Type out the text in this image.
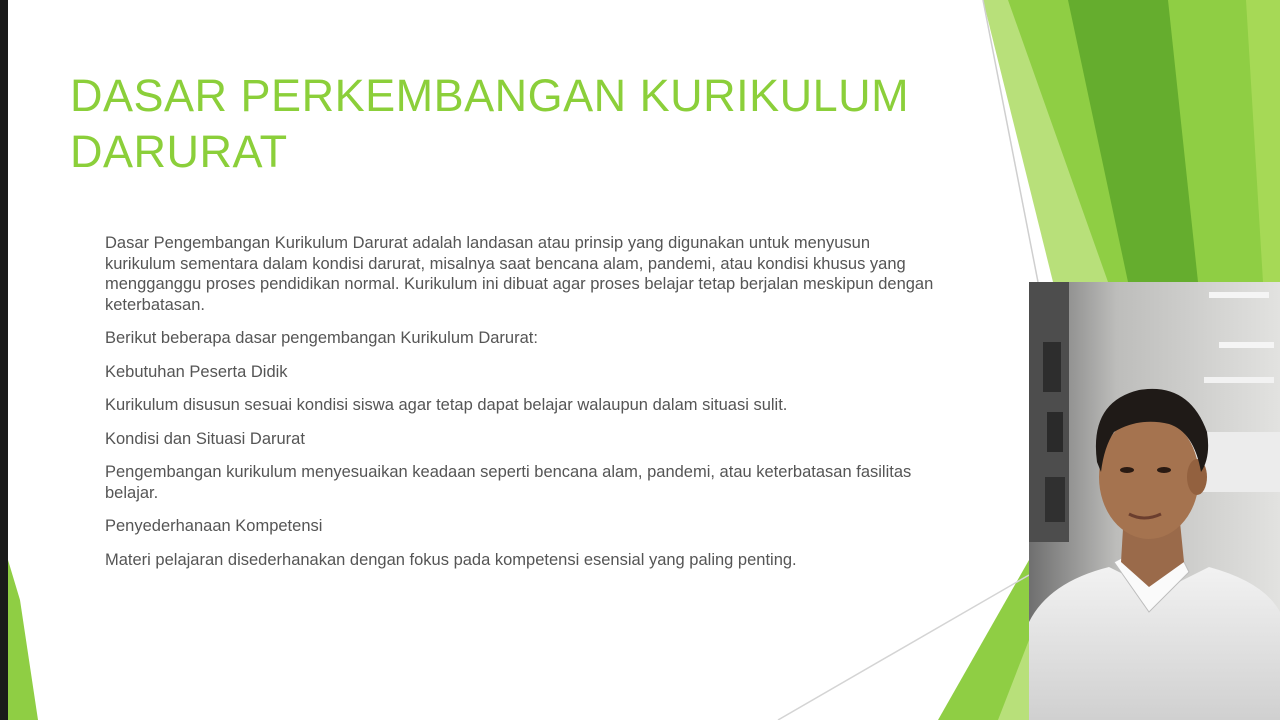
DASAR PERKEMBANGAN KURIKULUM
DARURAT

Dasar Pengembangan Kurikulum Darurat adalah landasan atau prinsip yang digunakan untuk menyusun kurikulum sementara dalam kondisi darurat, misalnya saat bencana alam, pandemi, atau kondisi khusus yang mengganggu proses pendidikan normal. Kurikulum ini dibuat agar proses belajar tetap berjalan meskipun dengan keterbatasan.

Berikut beberapa dasar pengembangan Kurikulum Darurat:

Kebutuhan Peserta Didik

Kurikulum disusun sesuai kondisi siswa agar tetap dapat belajar walaupun dalam situasi sulit.

Kondisi dan Situasi Darurat

Pengembangan kurikulum menyesuaikan keadaan seperti bencana alam, pandemi, atau keterbatasan fasilitas belajar.

Penyederhanaan Kompetensi

Materi pelajaran disederhanakan dengan fokus pada kompetensi esensial yang paling penting.
